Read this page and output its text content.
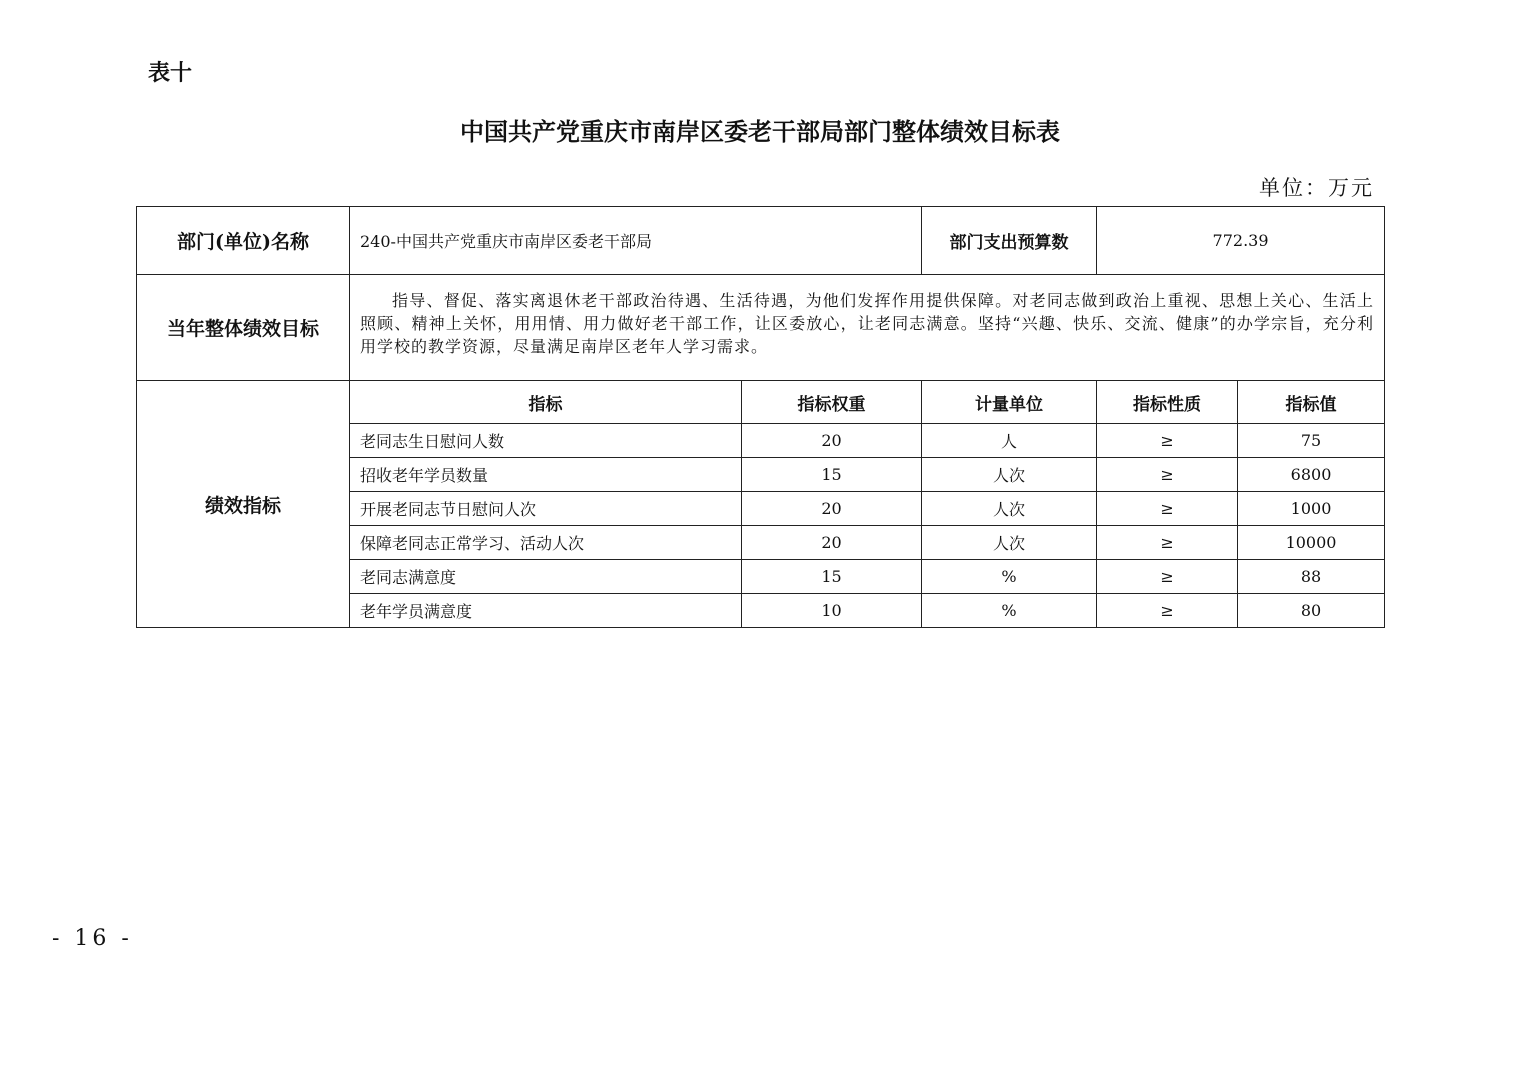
表十
中国共产党重庆市南岸区委老干部局部门整体绩效目标表
单位：万元
部门(单位)名称	240-中国共产党重庆市南岸区委老干部局		部门支出预算数	772.39	
当年整体绩效目标	指导、督促、落实离退休老干部政治待遇、生活待遇，为他们发挥作用提供保障。对老同志做到政治上重视、思想上关心、生活上照顾、精神上关怀，用用情、用力做好老干部工作，让区委放心，让老同志满意。坚持“兴趣、快乐、交流、健康”的办学宗旨，充分利用学校的教学资源，尽量满足南岸区老年人学习需求。				
绩效指标	指标	指标权重	计量单位	指标性质	指标值
	老同志生日慰问人数	20	人	≥	75
	招收老年学员数量	15	人次	≥	6800
	开展老同志节日慰问人次	20	人次	≥	1000
	保障老同志正常学习、活动人次	20	人次	≥	10000
	老同志满意度	15	%	≥	88
	老年学员满意度	10	%	≥	80
- 16 -
